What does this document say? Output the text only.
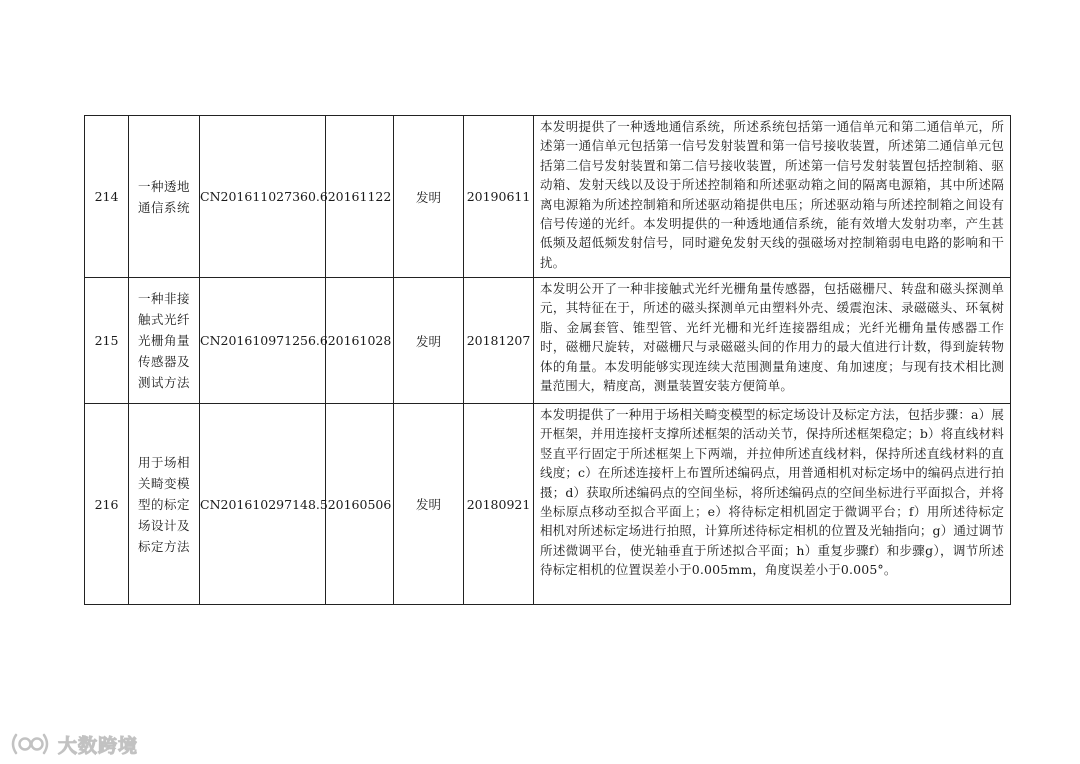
214	一种透地通信系统	CN201611027360.6	20161122	发明	20190611	本发明提供了一种透地通信系统，所述系统包括第一通信单元和第二通信单元，所述第一通信单元包括第一信号发射装置和第一信号接收装置，所述第二通信单元包括第二信号发射装置和第二信号接收装置，所述第一信号发射装置包括控制箱、驱动箱、发射天线以及设于所述控制箱和所述驱动箱之间的隔离电源箱，其中所述隔离电源箱为所述控制箱和所述驱动箱提供电压；所述驱动箱与所述控制箱之间设有信号传递的光纤。本发明提供的一种透地通信系统，能有效增大发射功率，产生甚低频及超低频发射信号，同时避免发射天线的强磁场对控制箱弱电电路的影响和干扰。
215	一种非接触式光纤光栅角量传感器及测试方法	CN201610971256.6	20161028	发明	20181207	本发明公开了一种非接触式光纤光栅角量传感器，包括磁栅尺、转盘和磁头探测单元，其特征在于，所述的磁头探测单元由塑料外壳、缓震泡沫、录磁磁头、环氧树脂、金属套管、锥型管、光纤光栅和光纤连接器组成；光纤光栅角量传感器工作时，磁栅尺旋转，对磁栅尺与录磁磁头间的作用力的最大值进行计数，得到旋转物体的角量。本发明能够实现连续大范围测量角速度、角加速度；与现有技术相比测量范围大，精度高，测量装置安装方便简单。
216	用于场相关畸变模型的标定场设计及标定方法	CN201610297148.5	20160506	发明	20180921	本发明提供了一种用于场相关畸变模型的标定场设计及标定方法，包括步骤：a）展开框架，并用连接杆支撑所述框架的活动关节，保持所述框架稳定；b）将直线材料竖直平行固定于所述框架上下两端，并拉伸所述直线材料，保持所述直线材料的直线度；c）在所述连接杆上布置所述编码点，用普通相机对标定场中的编码点进行拍摄；d）获取所述编码点的空间坐标，将所述编码点的空间坐标进行平面拟合，并将坐标原点移动至拟合平面上；e）将待标定相机固定于微调平台；f）用所述待标定相机对所述标定场进行拍照，计算所述待标定相机的位置及光轴指向；g）通过调节所述微调平台，使光轴垂直于所述拟合平面；h）重复步骤f）和步骤g），调节所述待标定相机的位置误差小于0.005mm，角度误差小于0.005°。
大数跨境
